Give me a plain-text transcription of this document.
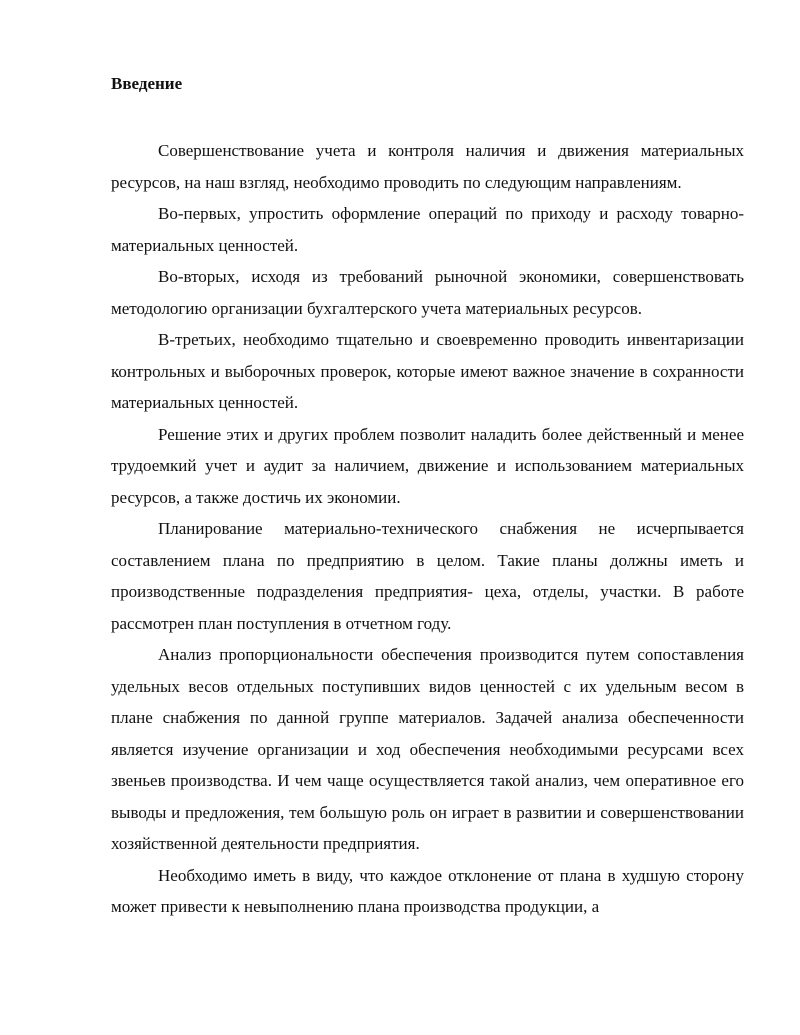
Введение

Совершенствование учета и контроля наличия и движения материальных ресурсов, на наш взгляд, необходимо проводить по следующим направлениям.

Во-первых, упростить оформление операций по приходу и расходу товарно-материальных ценностей.

Во-вторых, исходя из требований рыночной экономики, совершенствовать методологию организации бухгалтерского учета материальных ресурсов.

В-третьих, необходимо тщательно и своевременно проводить инвентаризации контрольных и выборочных проверок, которые имеют важное значение в сохранности материальных ценностей.

Решение этих и других проблем позволит наладить более действенный и менее трудоемкий учет и аудит за наличием, движение и использованием материальных ресурсов, а также достичь их экономии.

Планирование материально-технического снабжения не исчерпывается составлением плана по предприятию в целом. Такие планы должны иметь и производственные подразделения предприятия- цеха, отделы, участки. В работе рассмотрен план поступления в отчетном году.

Анализ пропорциональности обеспечения производится путем сопоставления удельных весов отдельных поступивших видов ценностей с их удельным весом в плане снабжения по данной группе материалов. Задачей анализа обеспеченности является изучение организации и ход обеспечения необходимыми ресурсами всех звеньев производства. И чем чаще осуществляется такой анализ, чем оперативное его выводы и предложения, тем большую роль он играет в развитии и совершенствовании хозяйственной деятельности предприятия.

Необходимо иметь в виду, что каждое отклонение от плана в худшую сторону может привести к невыполнению плана производства продукции, а
